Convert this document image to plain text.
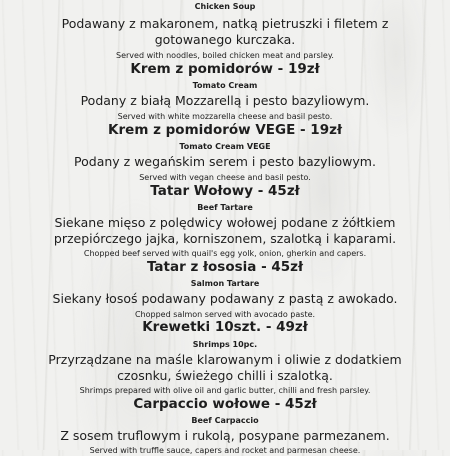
Chicken Soup
Podawany z makaronem, natką pietruszki i filetem z
gotowanego kurczaka.
Served with noodles, boiled chicken meat and parsley.
Krem z pomidorów - 19zł
Tomato Cream
Podany z białą Mozzarellą i pesto bazyliowym.
Served with white mozzarella cheese and basil pesto.
Krem z pomidorów VEGE - 19zł
Tomato Cream VEGE
Podany z wegańskim serem i pesto bazyliowym.
Served with vegan cheese and basil pesto.
Tatar Wołowy - 45zł
Beef Tartare
Siekane mięso z polędwicy wołowej podane z żółtkiem
przepiórczego jajka, korniszonem, szalotką i kaparami.
Chopped beef served with quail's egg yolk, onion, gherkin and capers.
Tatar z łososia - 45zł
Salmon Tartare
Siekany łosoś podawany podawany z pastą z awokado.
Chopped salmon served with avocado paste.
Krewetki 10szt. - 49zł
Shrimps 10pc.
Przyrządzane na maśle klarowanym i oliwie z dodatkiem
czosnku, świeżego chilli i szalotką.
Shrimps prepared with olive oil and garlic butter, chilli and fresh parsley.
Carpaccio wołowe - 45zł
Beef Carpaccio
Z sosem truflowym i rukolą, posypane parmezanem.
Served with truffle sauce, capers and rocket and parmesan cheese.
